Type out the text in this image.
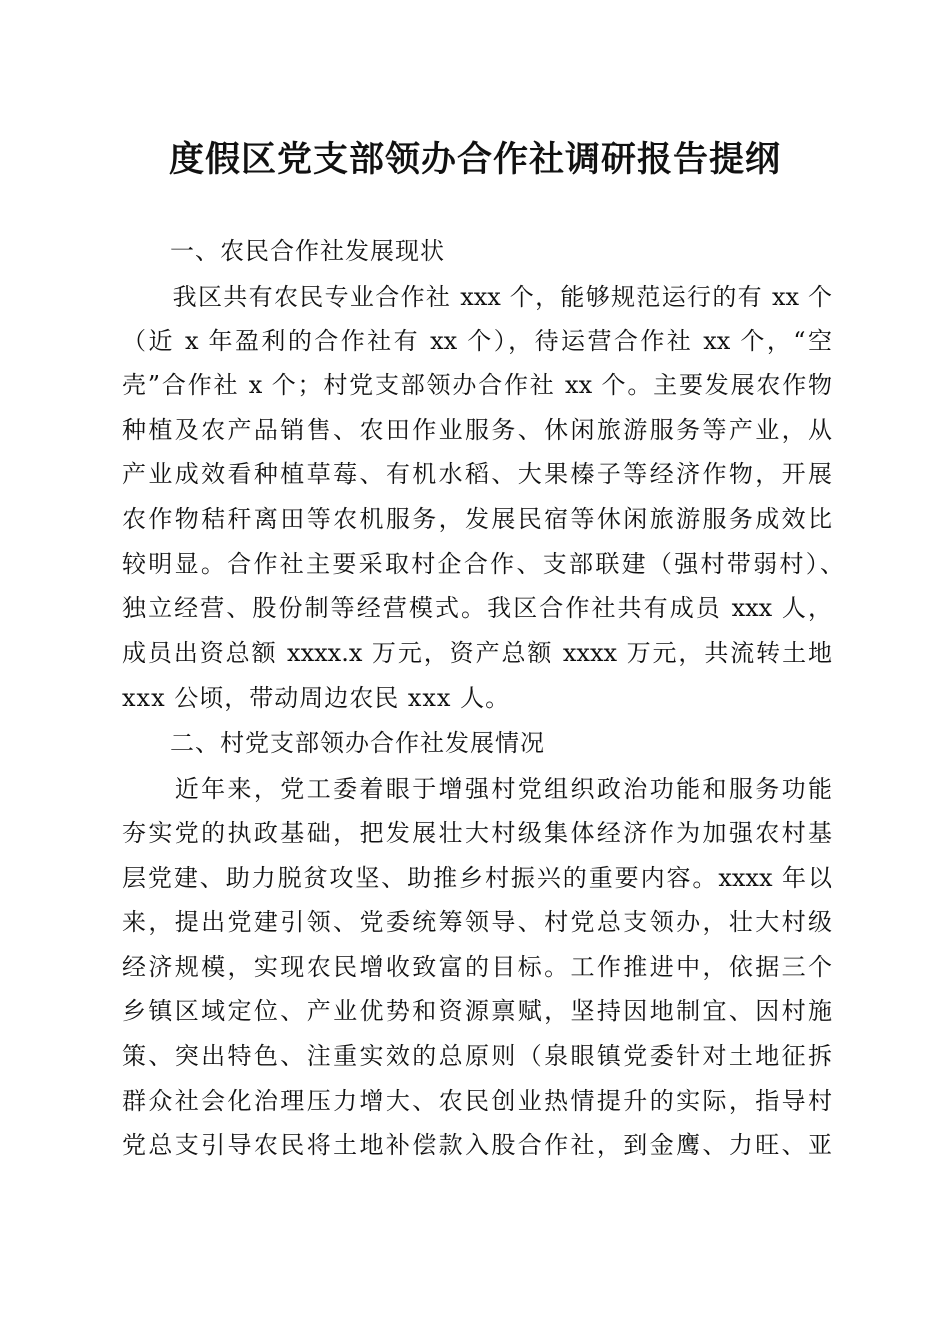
度假区党支部领办合作社调研报告提纲

一、农民合作社发展现状

　　我区共有农民专业合作社 xxx 个，能够规范运行的有 xx 个

（近 x 年盈利的合作社有 xx 个），待运营合作社 xx 个，“空

壳”合作社 x 个；村党支部领办合作社 xx 个。主要发展农作物

种植及农产品销售、农田作业服务、休闲旅游服务等产业，从

产业成效看种植草莓、有机水稻、大果榛子等经济作物，开展

农作物秸秆离田等农机服务，发展民宿等休闲旅游服务成效比

较明显。合作社主要采取村企合作、支部联建（强村带弱村）、

独立经营、股份制等经营模式。我区合作社共有成员 xxx 人，

成员出资总额 xxxx.x 万元，资产总额 xxxx 万元，共流转土地

xxx 公顷，带动周边农民 xxx 人。

二、村党支部领办合作社发展情况

　　近年来，党工委着眼于增强村党组织政治功能和服务功能

夯实党的执政基础，把发展壮大村级集体经济作为加强农村基

层党建、助力脱贫攻坚、助推乡村振兴的重要内容。xxxx 年以

来，提出党建引领、党委统筹领导、村党总支领办，壮大村级

经济规模，实现农民增收致富的目标。工作推进中，依据三个

乡镇区域定位、产业优势和资源禀赋，坚持因地制宜、因村施

策、突出特色、注重实效的总原则（泉眼镇党委针对土地征拆

群众社会化治理压力增大、农民创业热情提升的实际，指导村

党总支引导农民将土地补偿款入股合作社，到金鹰、力旺、亚
